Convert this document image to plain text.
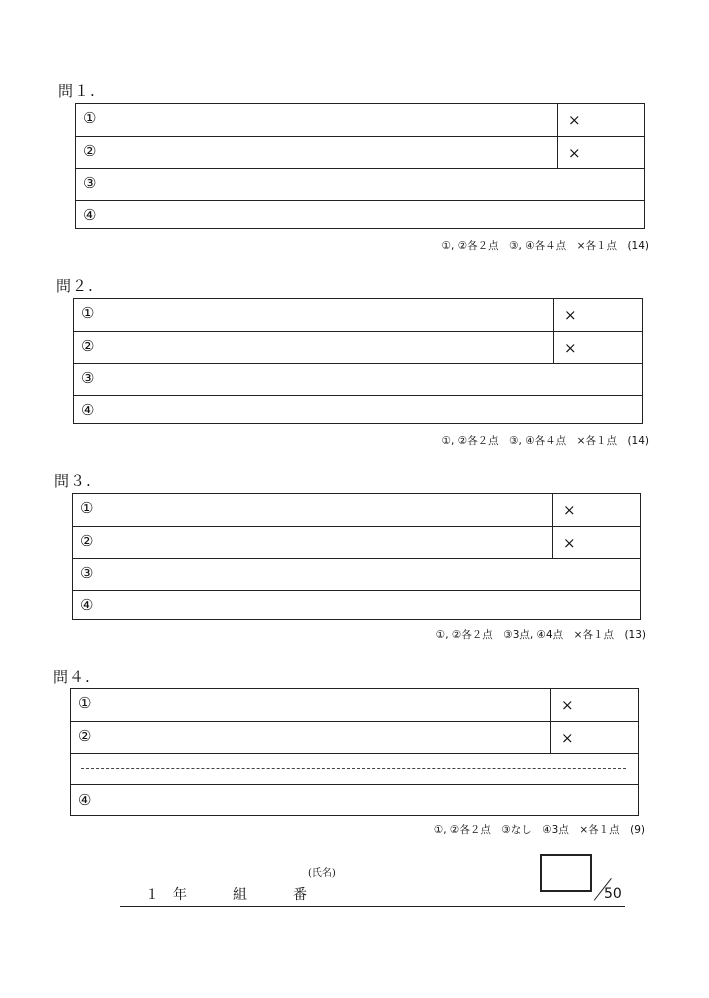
問１.
①	×
②	×
③
④
①, ②各２点　③, ④各４点　×各１点　(14)
問２.
①	×
②	×
③
④
①, ②各２点　③, ④各４点　×各１点　(14)
問３.
①	×
②	×
③
④
①, ②各２点　③3点, ④4点　×各１点　(13)
問４.
①	×
②	×
④
①, ②各２点　③なし　④3点　×各１点　(9)
(氏名)
１　年	組	番	50
